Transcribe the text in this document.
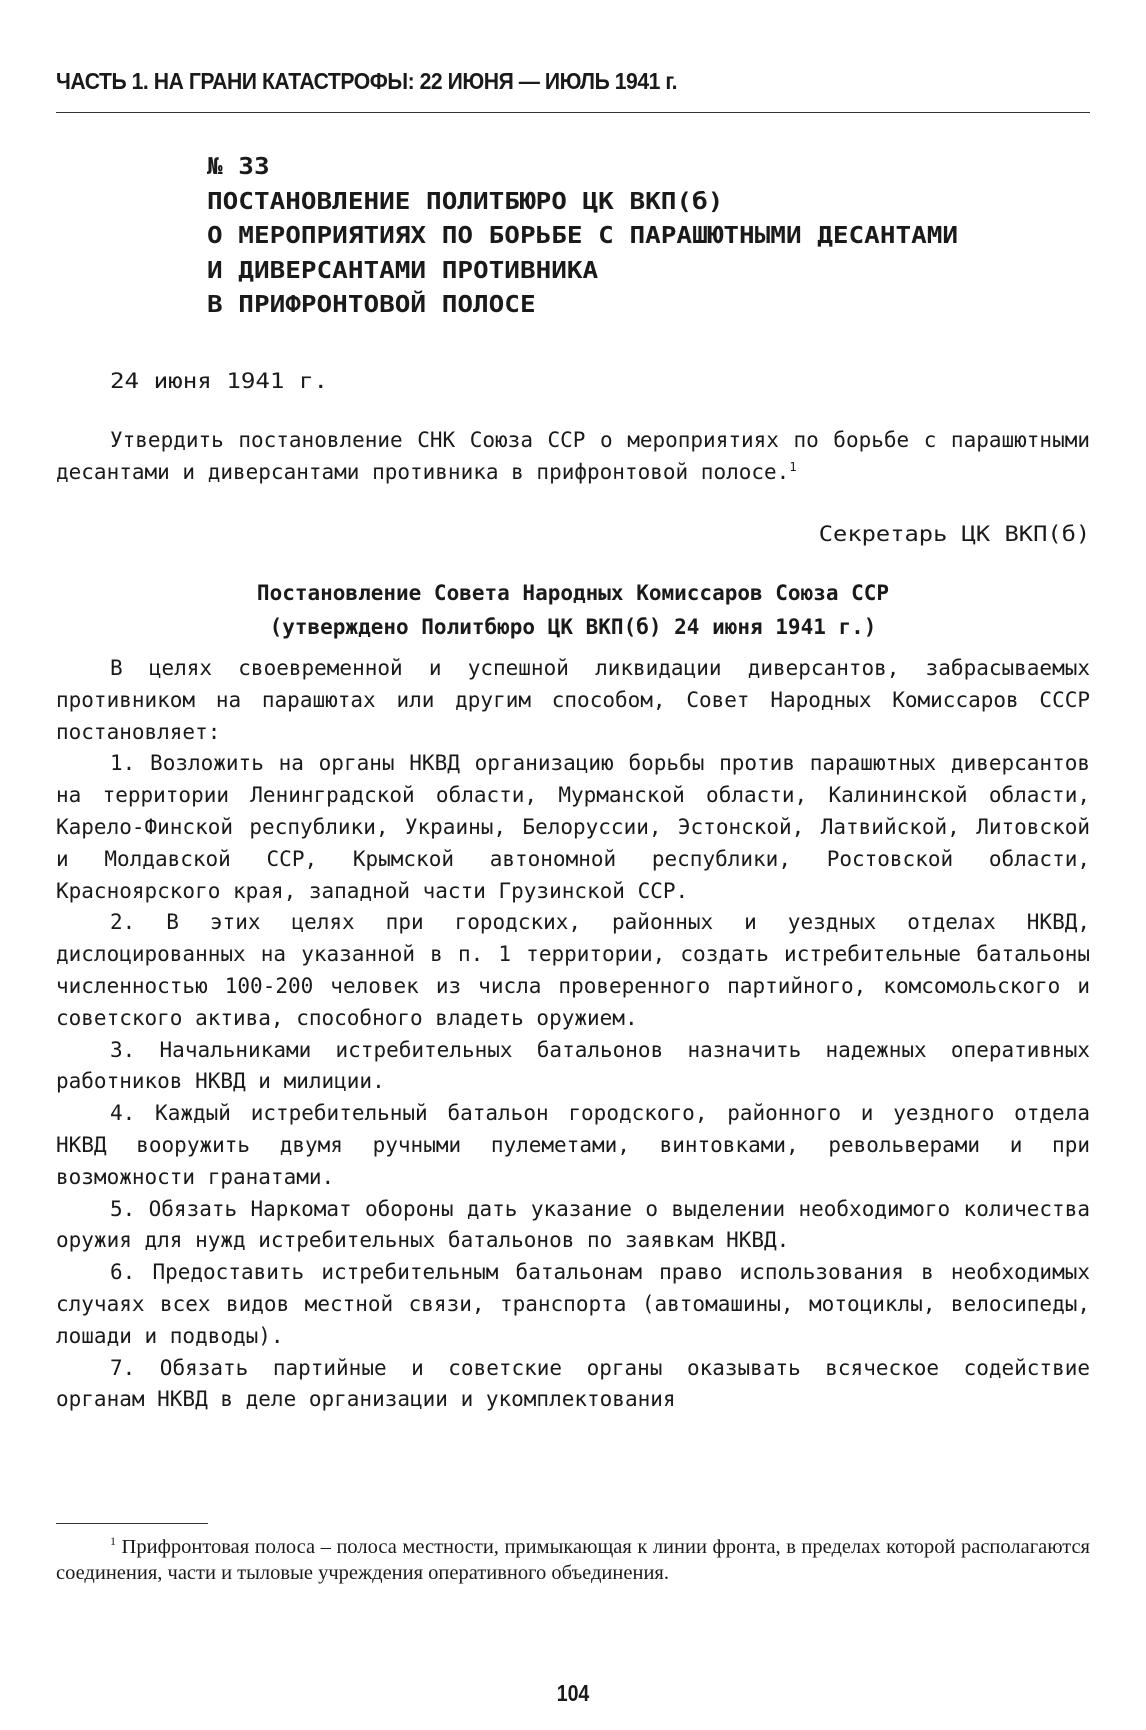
ЧАСТЬ 1. НА ГРАНИ КАТАСТРОФЫ: 22 ИЮНЯ — ИЮЛЬ 1941 г.
№ 33
ПОСТАНОВЛЕНИЕ ПОЛИТБЮРО ЦК ВКП(б)
О МЕРОПРИЯТИЯХ ПО БОРЬБЕ С ПАРАШЮТНЫМИ ДЕСАНТАМИ
И ДИВЕРСАНТАМИ ПРОТИВНИКА
В ПРИФРОНТОВОЙ ПОЛОСЕ
24 июня 1941 г.

Утвердить постановление СНК Союза ССР о мероприятиях по борьбе с парашютными десантами и диверсантами противника в прифронтовой полосе.$^1$

Секретарь ЦК ВКП(б)
Постановление Совета Народных Комиссаров Союза ССР
(утверждено Политбюро ЦК ВКП(б) 24 июня 1941 г.)

В целях своевременной и успешной ликвидации диверсантов, забрасываемых противником на парашютах или другим способом, Совет Народных Комиссаров СССР постановляет:

1. Возложить на органы НКВД организацию борьбы против парашютных диверсантов на территории Ленинградской области, Мурманской области, Калининской области, Карело-Финской республики, Украины, Белоруссии, Эстонской, Латвийской, Литовской и Молдавской ССР, Крымской автономной республики, Ростовской области, Красноярского края, западной части Грузинской ССР.

2. В этих целях при городских, районных и уездных отделах НКВД, дислоцированных на указанной в п. 1 территории, создать истребительные батальоны численностью 100-200 человек из числа проверенного партийного, комсомольского и советского актива, способного владеть оружием.

3. Начальниками истребительных батальонов назначить надежных оперативных работников НКВД и милиции.

4. Каждый истребительный батальон городского, районного и уездного отдела НКВД вооружить двумя ручными пулеметами, винтовками, револьверами и при возможности гранатами.

5. Обязать Наркомат обороны дать указание о выделении необходимого количества оружия для нужд истребительных батальонов по заявкам НКВД.

6. Предоставить истребительным батальонам право использования в необходимых случаях всех видов местной связи, транспорта (автомашины, мотоциклы, велосипеды, лошади и подводы).

7. Обязать партийные и советские органы оказывать всяческое содействие органам НКВД в деле организации и укомплектования

$^1$ Прифронтовая полоса – полоса местности, примыкающая к линии фронта, в пределах которой располагаются соединения, части и тыловые учреждения оперативного объединения.

104
